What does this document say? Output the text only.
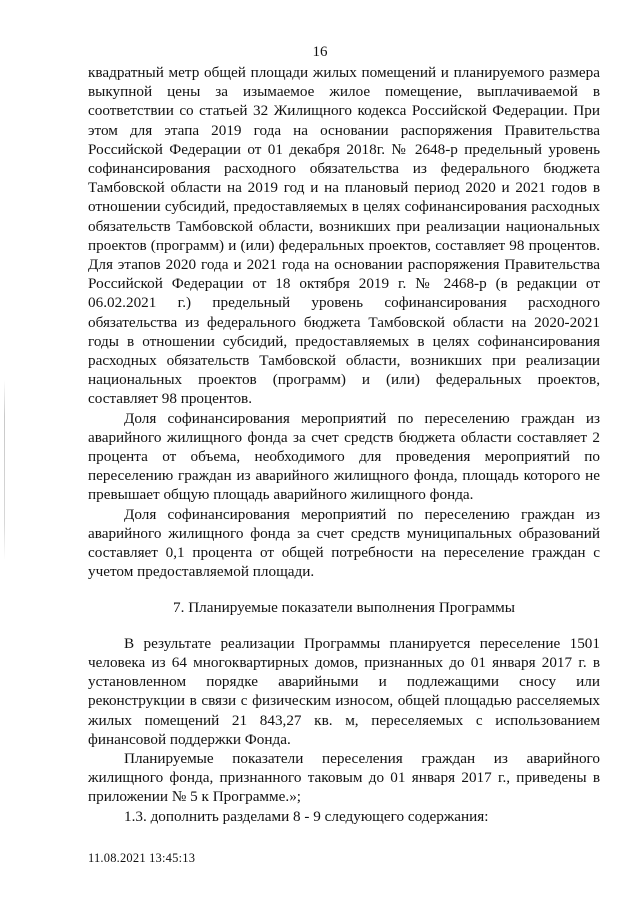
16

квадратный метр общей площади жилых помещений и планируемого размера выкупной цены за изымаемое жилое помещение, выплачиваемой в соответствии со статьей 32 Жилищного кодекса Российской Федерации. При этом для этапа 2019 года на основании распоряжения Правительства Российской Федерации от 01 декабря 2018г. № 2648-р предельный уровень софинансирования расходного обязательства из федерального бюджета Тамбовской области на 2019 год и на плановый период 2020 и 2021 годов в отношении субсидий, предоставляемых в целях софинансирования расходных обязательств Тамбовской области, возникших при реализации национальных проектов (программ) и (или) федеральных проектов, составляет 98 процентов. Для этапов 2020 года и 2021 года на основании распоряжения Правительства Российской Федерации от 18 октября 2019 г. № 2468-р (в редакции от 06.02.2021 г.) предельный уровень софинансирования расходного обязательства из федерального бюджета Тамбовской области на 2020-2021 годы в отношении субсидий, предоставляемых в целях софинансирования расходных обязательств Тамбовской области, возникших при реализации национальных проектов (программ) и (или) федеральных проектов, составляет 98 процентов.

Доля софинансирования мероприятий по переселению граждан из аварийного жилищного фонда за счет средств бюджета области составляет 2 процента от объема, необходимого для проведения мероприятий по переселению граждан из аварийного жилищного фонда, площадь которого не превышает общую площадь аварийного жилищного фонда.

Доля софинансирования мероприятий по переселению граждан из аварийного жилищного фонда за счет средств муниципальных образований составляет 0,1 процента от общей потребности на переселение граждан с учетом предоставляемой площади.

7. Планируемые показатели выполнения Программы

В результате реализации Программы планируется переселение 1501 человека из 64 многоквартирных домов, признанных до 01 января 2017 г. в установленном порядке аварийными и подлежащими сносу или реконструкции в связи с физическим износом, общей площадью расселяемых жилых помещений 21 843,27 кв. м, переселяемых с использованием финансовой поддержки Фонда.

Планируемые показатели переселения граждан из аварийного жилищного фонда, признанного таковым до 01 января 2017 г., приведены в приложении № 5 к Программе.»;

1.3. дополнить разделами 8 - 9 следующего содержания:

11.08.2021 13:45:13
